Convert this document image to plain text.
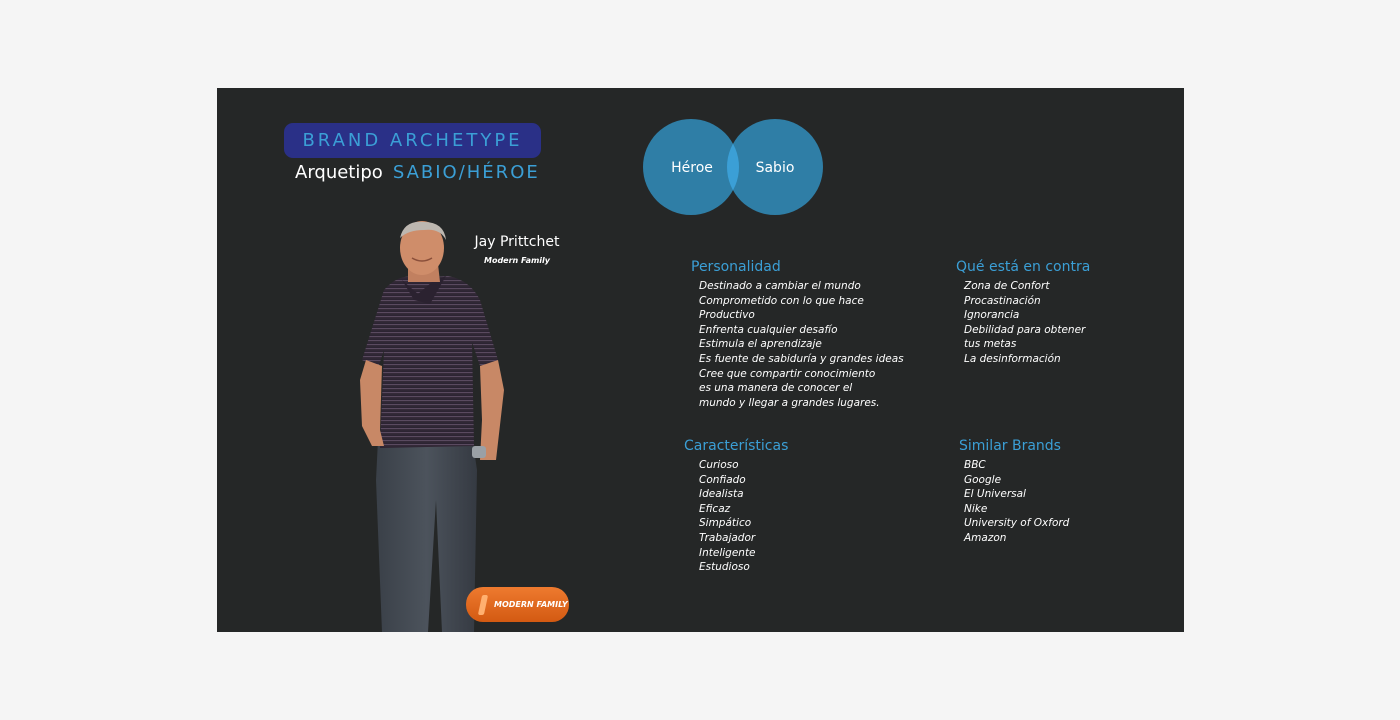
BRAND ARCHETYPE
Arquetipo SABIO/HÉROE	Héroe	Sabio
Jay Prittchet
Modern Family
MODERN FAMILY
Personalidad
Destinado a cambiar el mundo
Comprometido con lo que hace
Productivo
Enfrenta cualquier desafío
Estimula el aprendizaje
Es fuente de sabiduría y grandes ideas
Cree que compartir conocimiento es una manera de conocer el mundo y llegar a grandes lugares.
Qué está en contra
Zona de Confort
Procastinación
Ignorancia
Debilidad para obtener tus metas
La desinformación
Características
Curioso
Confiado
Idealista
Eficaz
Simpático
Trabajador
Inteligente
Estudioso
Similar Brands
BBC
Google
El Universal
Nike
University of Oxford
Amazon
